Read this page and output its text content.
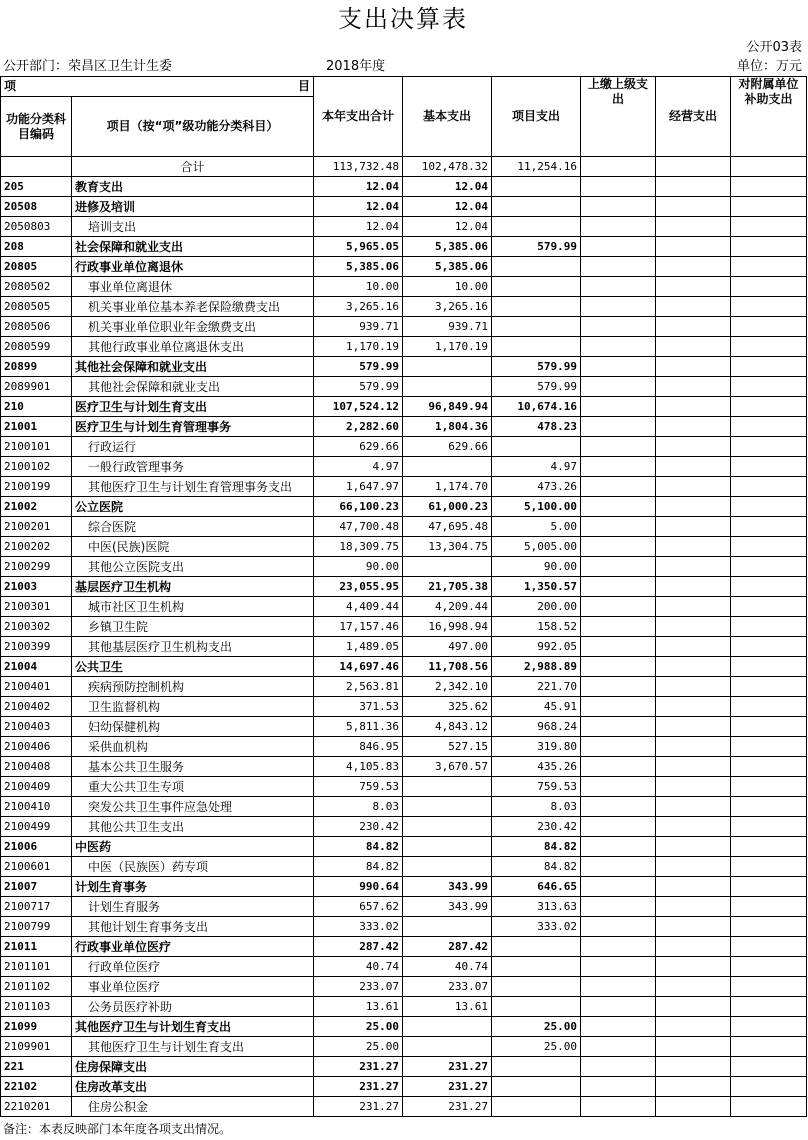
支出决算表
公开03表
公开部门：荣昌区卫生计生委	2018年度	单位：万元
项 目		本年支出合计	基本支出	项目支出	上缴上级支出	经营支出	对附属单位补助支出
功能分类科目编码	项目（按“项”级功能分类科目）						
	合计	113,732.48	102,478.32	11,254.16			
205	教育支出	12.04	12.04				
20508	进修及培训	12.04	12.04				
2050803	培训支出	12.04	12.04				
208	社会保障和就业支出	5,965.05	5,385.06	579.99			
20805	行政事业单位离退休	5,385.06	5,385.06				
2080502	事业单位离退休	10.00	10.00				
2080505	机关事业单位基本养老保险缴费支出	3,265.16	3,265.16				
2080506	机关事业单位职业年金缴费支出	939.71	939.71				
2080599	其他行政事业单位离退休支出	1,170.19	1,170.19				
20899	其他社会保障和就业支出	579.99		579.99			
2089901	其他社会保障和就业支出	579.99		579.99			
210	医疗卫生与计划生育支出	107,524.12	96,849.94	10,674.16			
21001	医疗卫生与计划生育管理事务	2,282.60	1,804.36	478.23			
2100101	行政运行	629.66	629.66				
2100102	一般行政管理事务	4.97		4.97			
2100199	其他医疗卫生与计划生育管理事务支出	1,647.97	1,174.70	473.26			
21002	公立医院	66,100.23	61,000.23	5,100.00			
2100201	综合医院	47,700.48	47,695.48	5.00			
2100202	中医(民族)医院	18,309.75	13,304.75	5,005.00			
2100299	其他公立医院支出	90.00		90.00			
21003	基层医疗卫生机构	23,055.95	21,705.38	1,350.57			
2100301	城市社区卫生机构	4,409.44	4,209.44	200.00			
2100302	乡镇卫生院	17,157.46	16,998.94	158.52			
2100399	其他基层医疗卫生机构支出	1,489.05	497.00	992.05			
21004	公共卫生	14,697.46	11,708.56	2,988.89			
2100401	疾病预防控制机构	2,563.81	2,342.10	221.70			
2100402	卫生监督机构	371.53	325.62	45.91			
2100403	妇幼保健机构	5,811.36	4,843.12	968.24			
2100406	采供血机构	846.95	527.15	319.80			
2100408	基本公共卫生服务	4,105.83	3,670.57	435.26			
2100409	重大公共卫生专项	759.53		759.53			
2100410	突发公共卫生事件应急处理	8.03		8.03			
2100499	其他公共卫生支出	230.42		230.42			
21006	中医药	84.82		84.82			
2100601	中医（民族医）药专项	84.82		84.82			
21007	计划生育事务	990.64	343.99	646.65			
2100717	计划生育服务	657.62	343.99	313.63			
2100799	其他计划生育事务支出	333.02		333.02			
21011	行政事业单位医疗	287.42	287.42				
2101101	行政单位医疗	40.74	40.74				
2101102	事业单位医疗	233.07	233.07				
2101103	公务员医疗补助	13.61	13.61				
21099	其他医疗卫生与计划生育支出	25.00		25.00			
2109901	其他医疗卫生与计划生育支出	25.00		25.00			
221	住房保障支出	231.27	231.27				
22102	住房改革支出	231.27	231.27				
2210201	住房公积金	231.27	231.27				
备注：本表反映部门本年度各项支出情况。
